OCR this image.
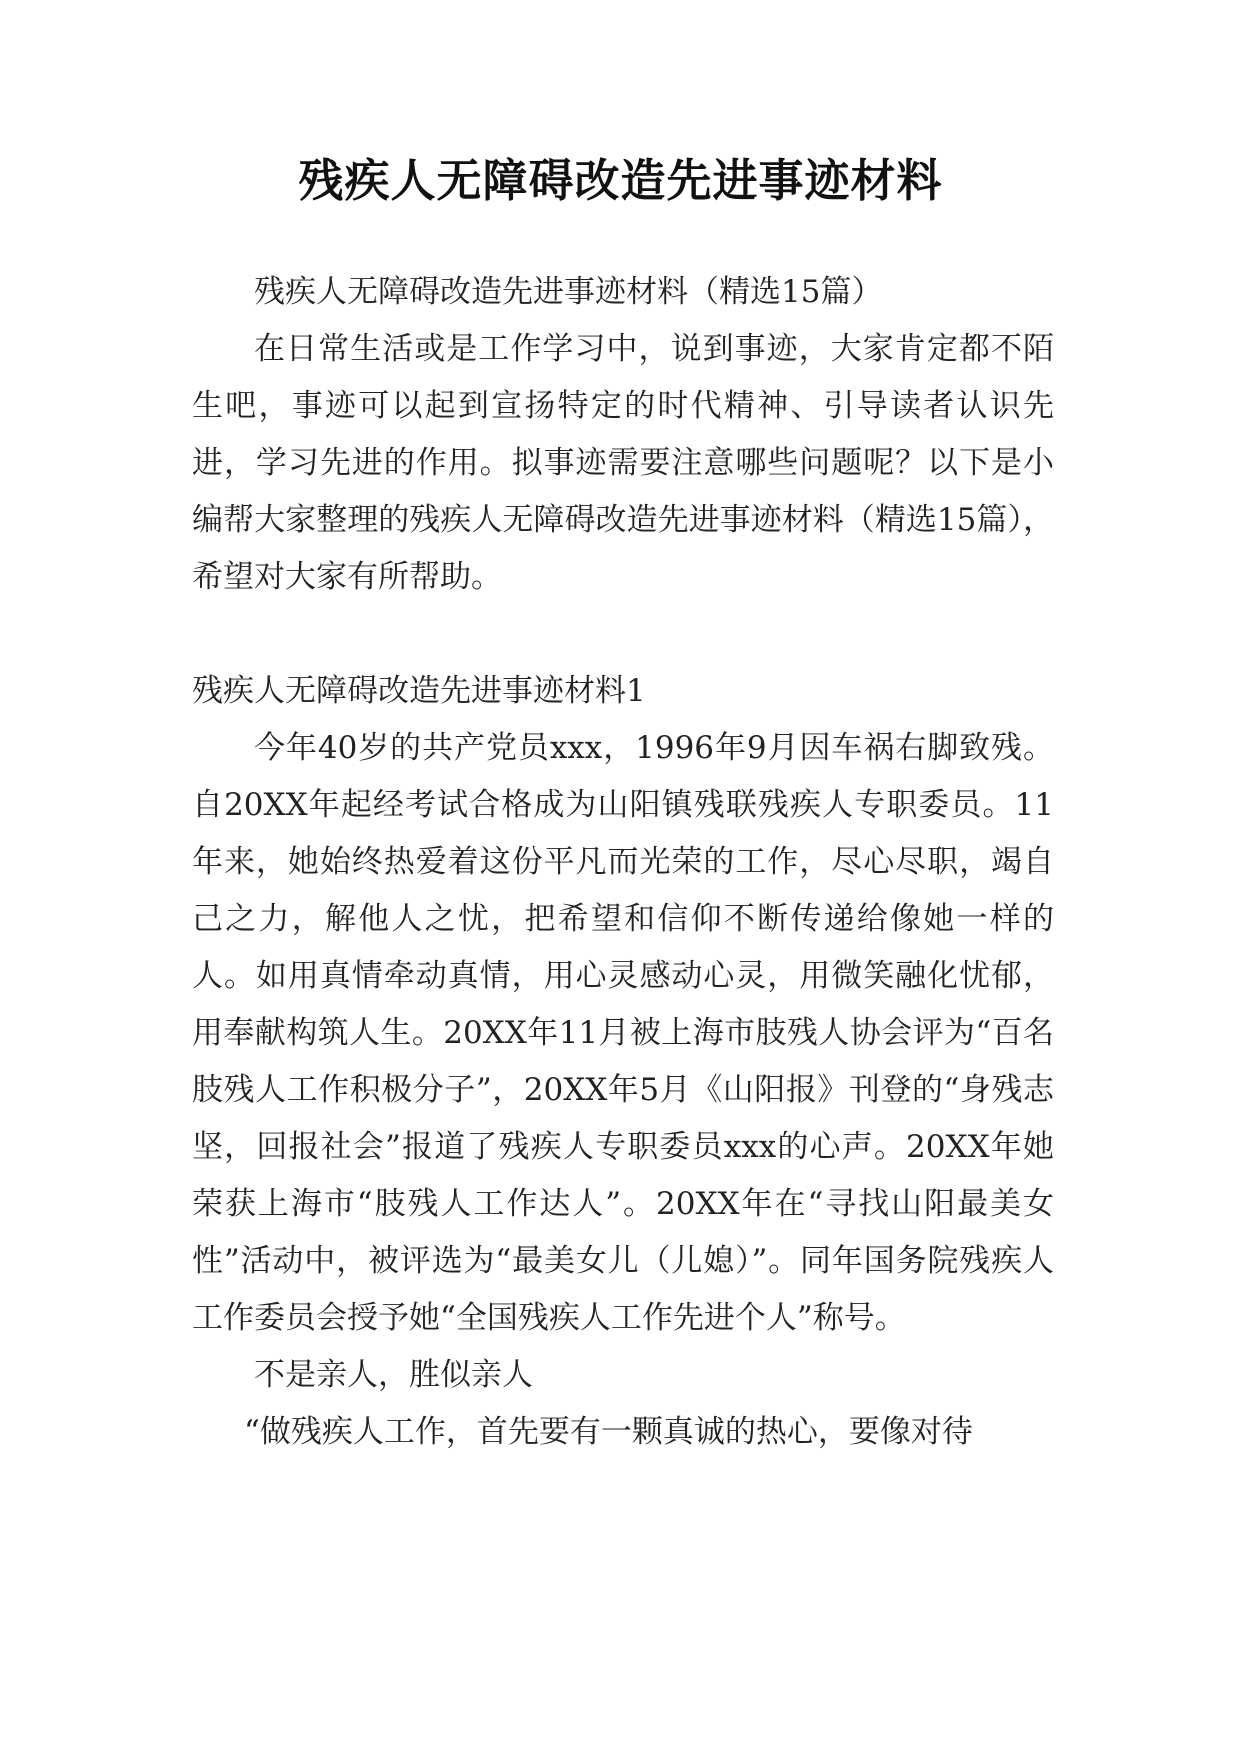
残疾人无障碍改造先进事迹材料

残疾人无障碍改造先进事迹材料（精选15篇）

在日常生活或是工作学习中，说到事迹，大家肯定都不陌生吧，事迹可以起到宣扬特定的时代精神、引导读者认识先进，学习先进的作用。拟事迹需要注意哪些问题呢？以下是小编帮大家整理的残疾人无障碍改造先进事迹材料（精选15篇），希望对大家有所帮助。

残疾人无障碍改造先进事迹材料1

今年40岁的共产党员xxx，1996年9月因车祸右脚致残。自20XX年起经考试合格成为山阳镇残联残疾人专职委员。11年来，她始终热爱着这份平凡而光荣的工作，尽心尽职，竭自己之力，解他人之忧，把希望和信仰不断传递给像她一样的人。如用真情牵动真情，用心灵感动心灵，用微笑融化忧郁，用奉献构筑人生。20XX年11月被上海市肢残人协会评为“百名肢残人工作积极分子”，20XX年5月《山阳报》刊登的“身残志坚，回报社会”报道了残疾人专职委员xxx的心声。20XX年她荣获上海市“肢残人工作达人”。20XX年在“寻找山阳最美女性”活动中，被评选为“最美女儿（儿媳）”。同年国务院残疾人工作委员会授予她“全国残疾人工作先进个人”称号。

不是亲人，胜似亲人

“做残疾人工作，首先要有一颗真诚的热心，要像对待
